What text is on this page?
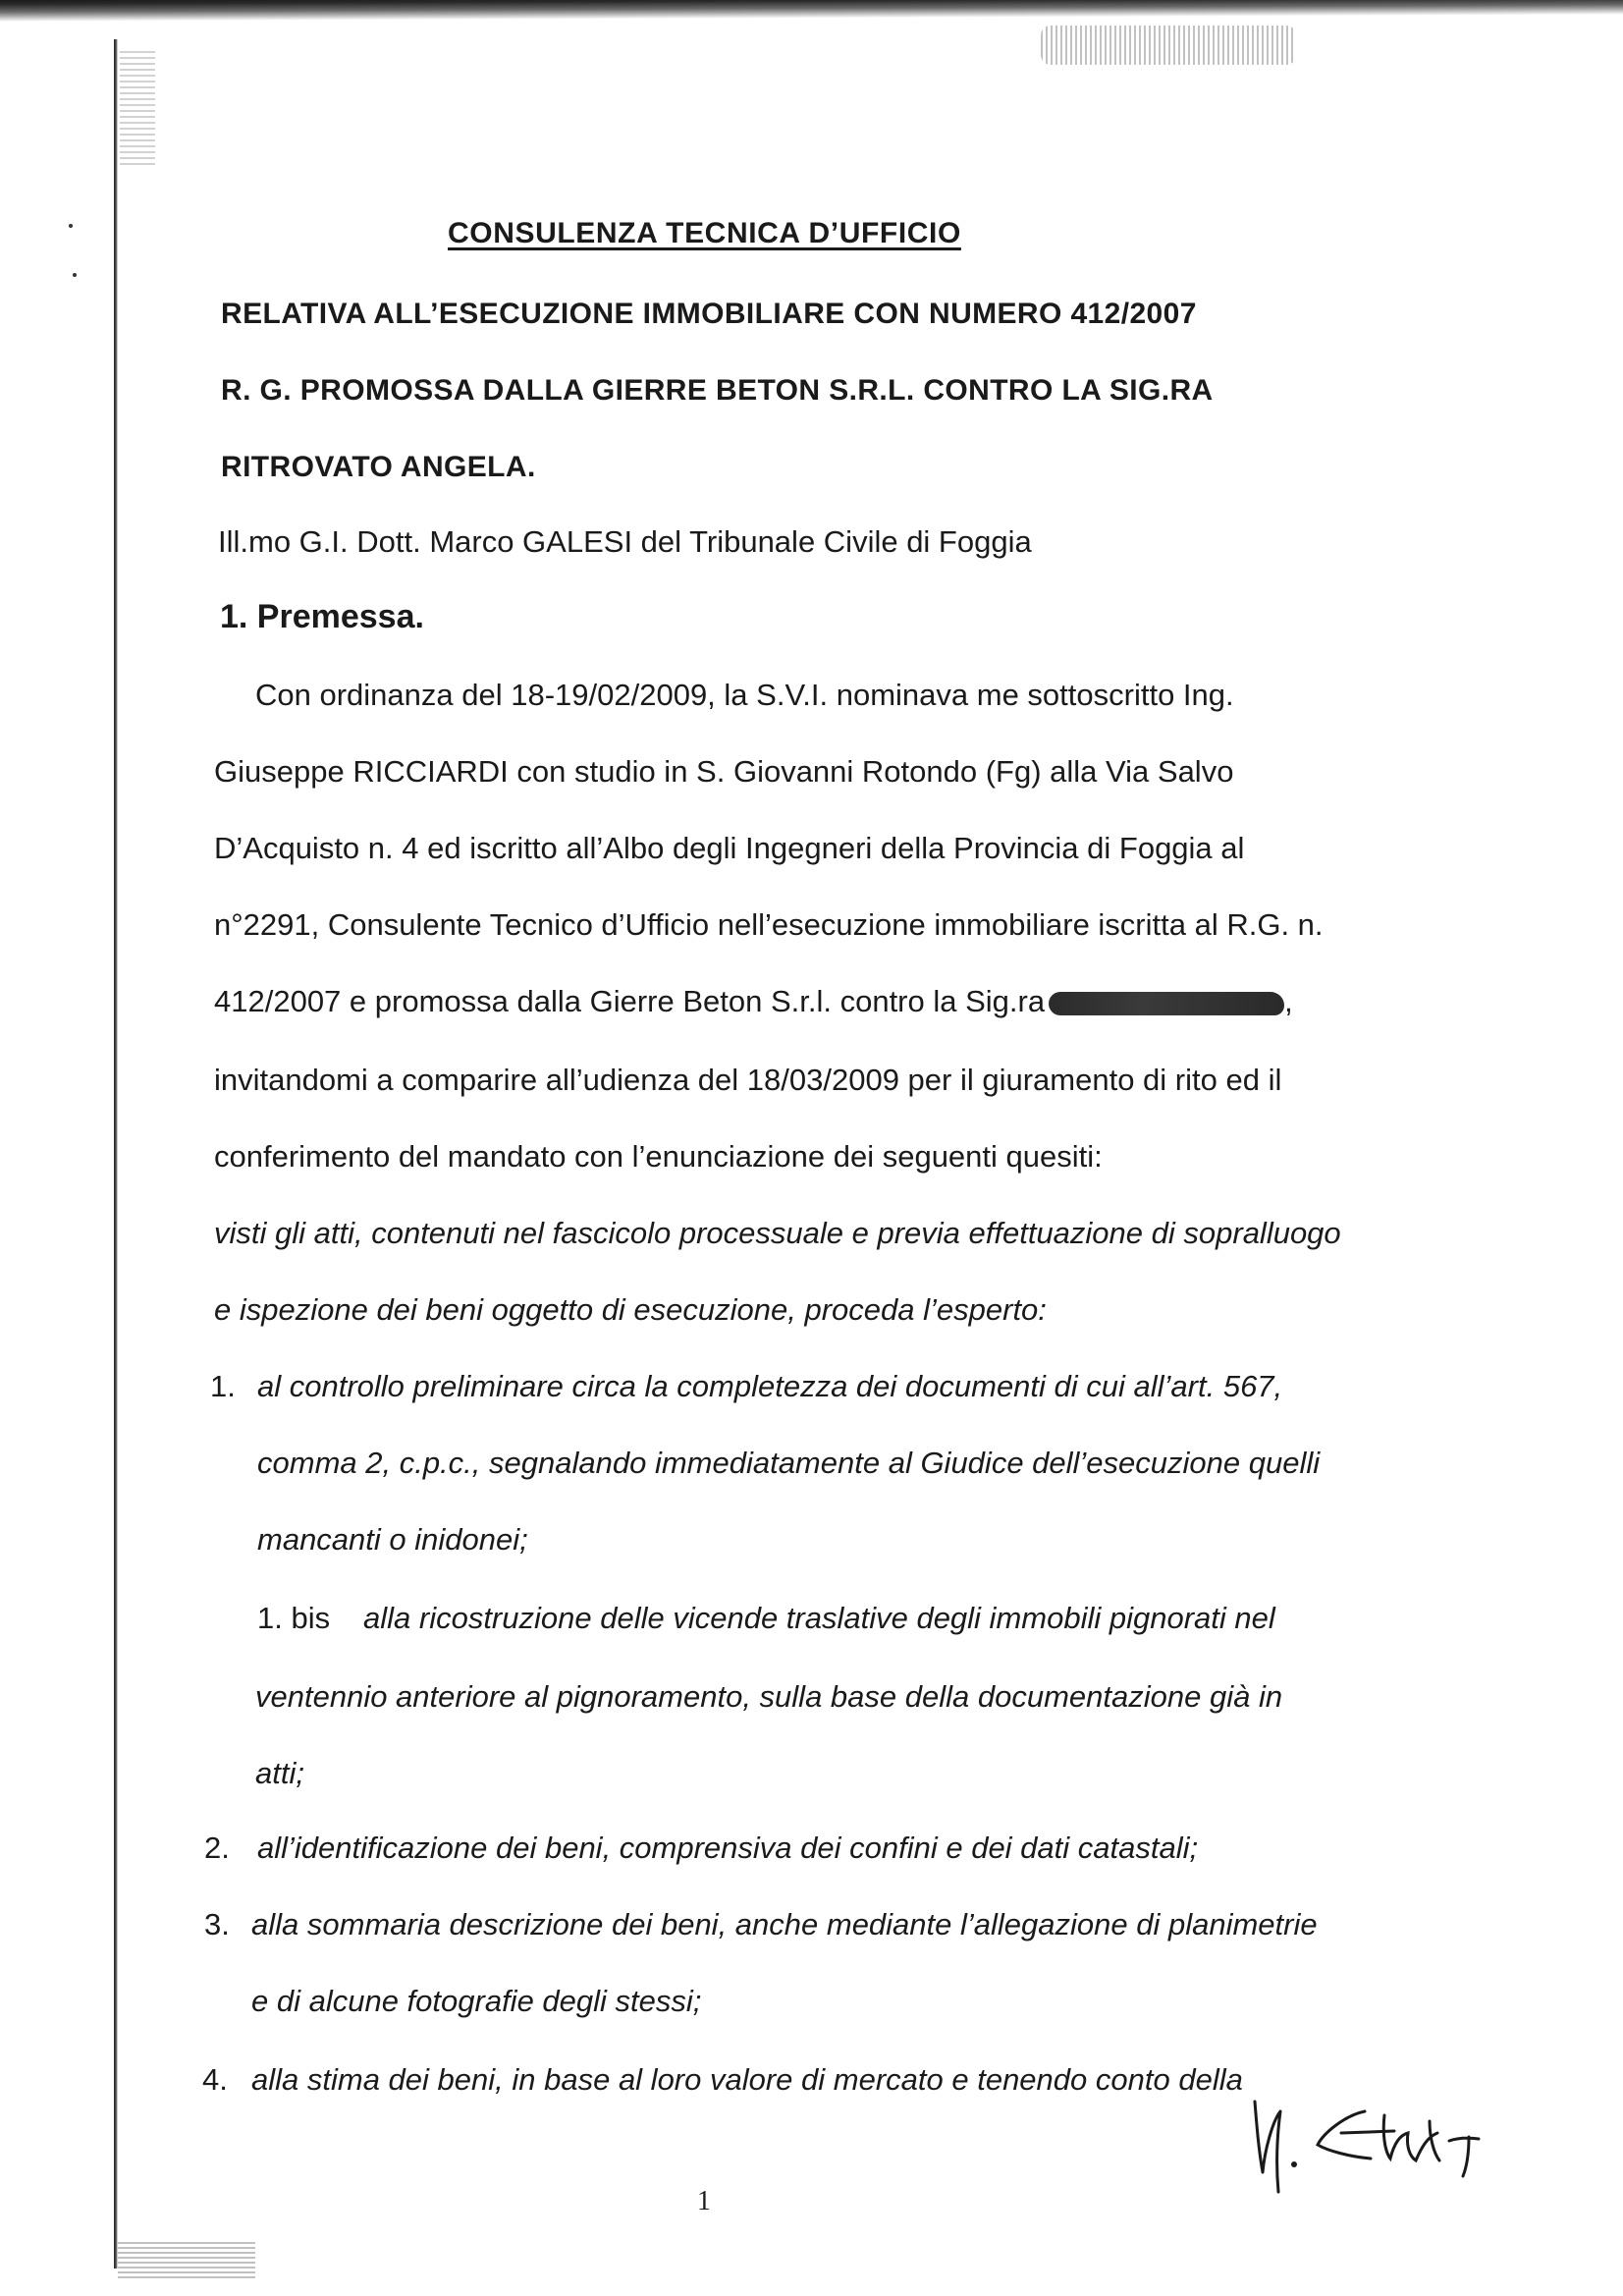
CONSULENZA TECNICA D’UFFICIO
RELATIVA ALL’ESECUZIONE IMMOBILIARE CON NUMERO 412/2007
R. G. PROMOSSA DALLA GIERRE BETON S.R.L. CONTRO LA SIG.RA
RITROVATO ANGELA.
Ill.mo G.I. Dott. Marco GALESI del Tribunale Civile di Foggia
1. Premessa.
Con ordinanza del 18-19/02/2009, la S.V.I. nominava me sottoscritto Ing.
Giuseppe RICCIARDI con studio in S. Giovanni Rotondo (Fg) alla Via Salvo
D’Acquisto n. 4 ed iscritto all’Albo degli Ingegneri della Provincia di Foggia al
n°2291, Consulente Tecnico d’Ufficio nell’esecuzione immobiliare iscritta al R.G. n.
412/2007 e promossa dalla Gierre Beton S.r.l. contro la Sig.ra	,
invitandomi a comparire all’udienza del 18/03/2009 per il giuramento di rito ed il
conferimento del mandato con l’enunciazione dei seguenti quesiti:
visti gli atti, contenuti nel fascicolo processuale e previa effettuazione di sopralluogo
e ispezione dei beni oggetto di esecuzione, proceda l’esperto:
1. al controllo preliminare circa la completezza dei documenti di cui all’art. 567,
comma 2, c.p.c., segnalando immediatamente al Giudice dell’esecuzione quelli
mancanti o inidonei;
1. bis alla ricostruzione delle vicende traslative degli immobili pignorati nel
ventennio anteriore al pignoramento, sulla base della documentazione già in
atti;
2. all’identificazione dei beni, comprensiva dei confini e dei dati catastali;
3. alla sommaria descrizione dei beni, anche mediante l’allegazione di planimetrie
e di alcune fotografie degli stessi;
4. alla stima dei beni, in base al loro valore di mercato e tenendo conto della
1
